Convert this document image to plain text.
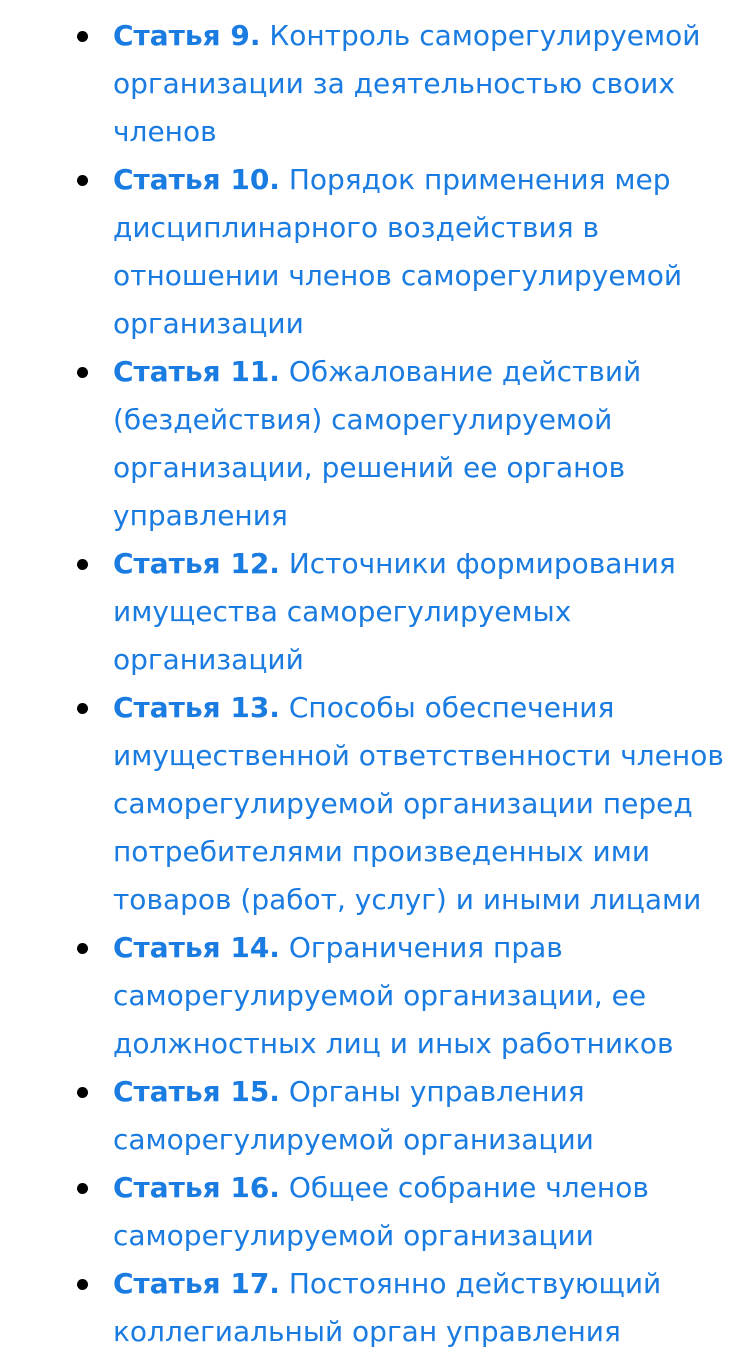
Статья 9. Контроль саморегулируемой организации за деятельностью своих членов
Статья 10. Порядок применения мер дисциплинарного воздействия в отношении членов саморегулируемой организации
Статья 11. Обжалование действий (бездействия) саморегулируемой организации, решений ее органов управления
Статья 12. Источники формирования имущества саморегулируемых организаций
Статья 13. Способы обеспечения имущественной ответственности членов саморегулируемой организации перед потребителями произведенных ими товаров (работ, услуг) и иными лицами
Статья 14. Ограничения прав саморегулируемой организации, ее должностных лиц и иных работников
Статья 15. Органы управления саморегулируемой организации
Статья 16. Общее собрание членов саморегулируемой организации
Статья 17. Постоянно действующий коллегиальный орган управления
